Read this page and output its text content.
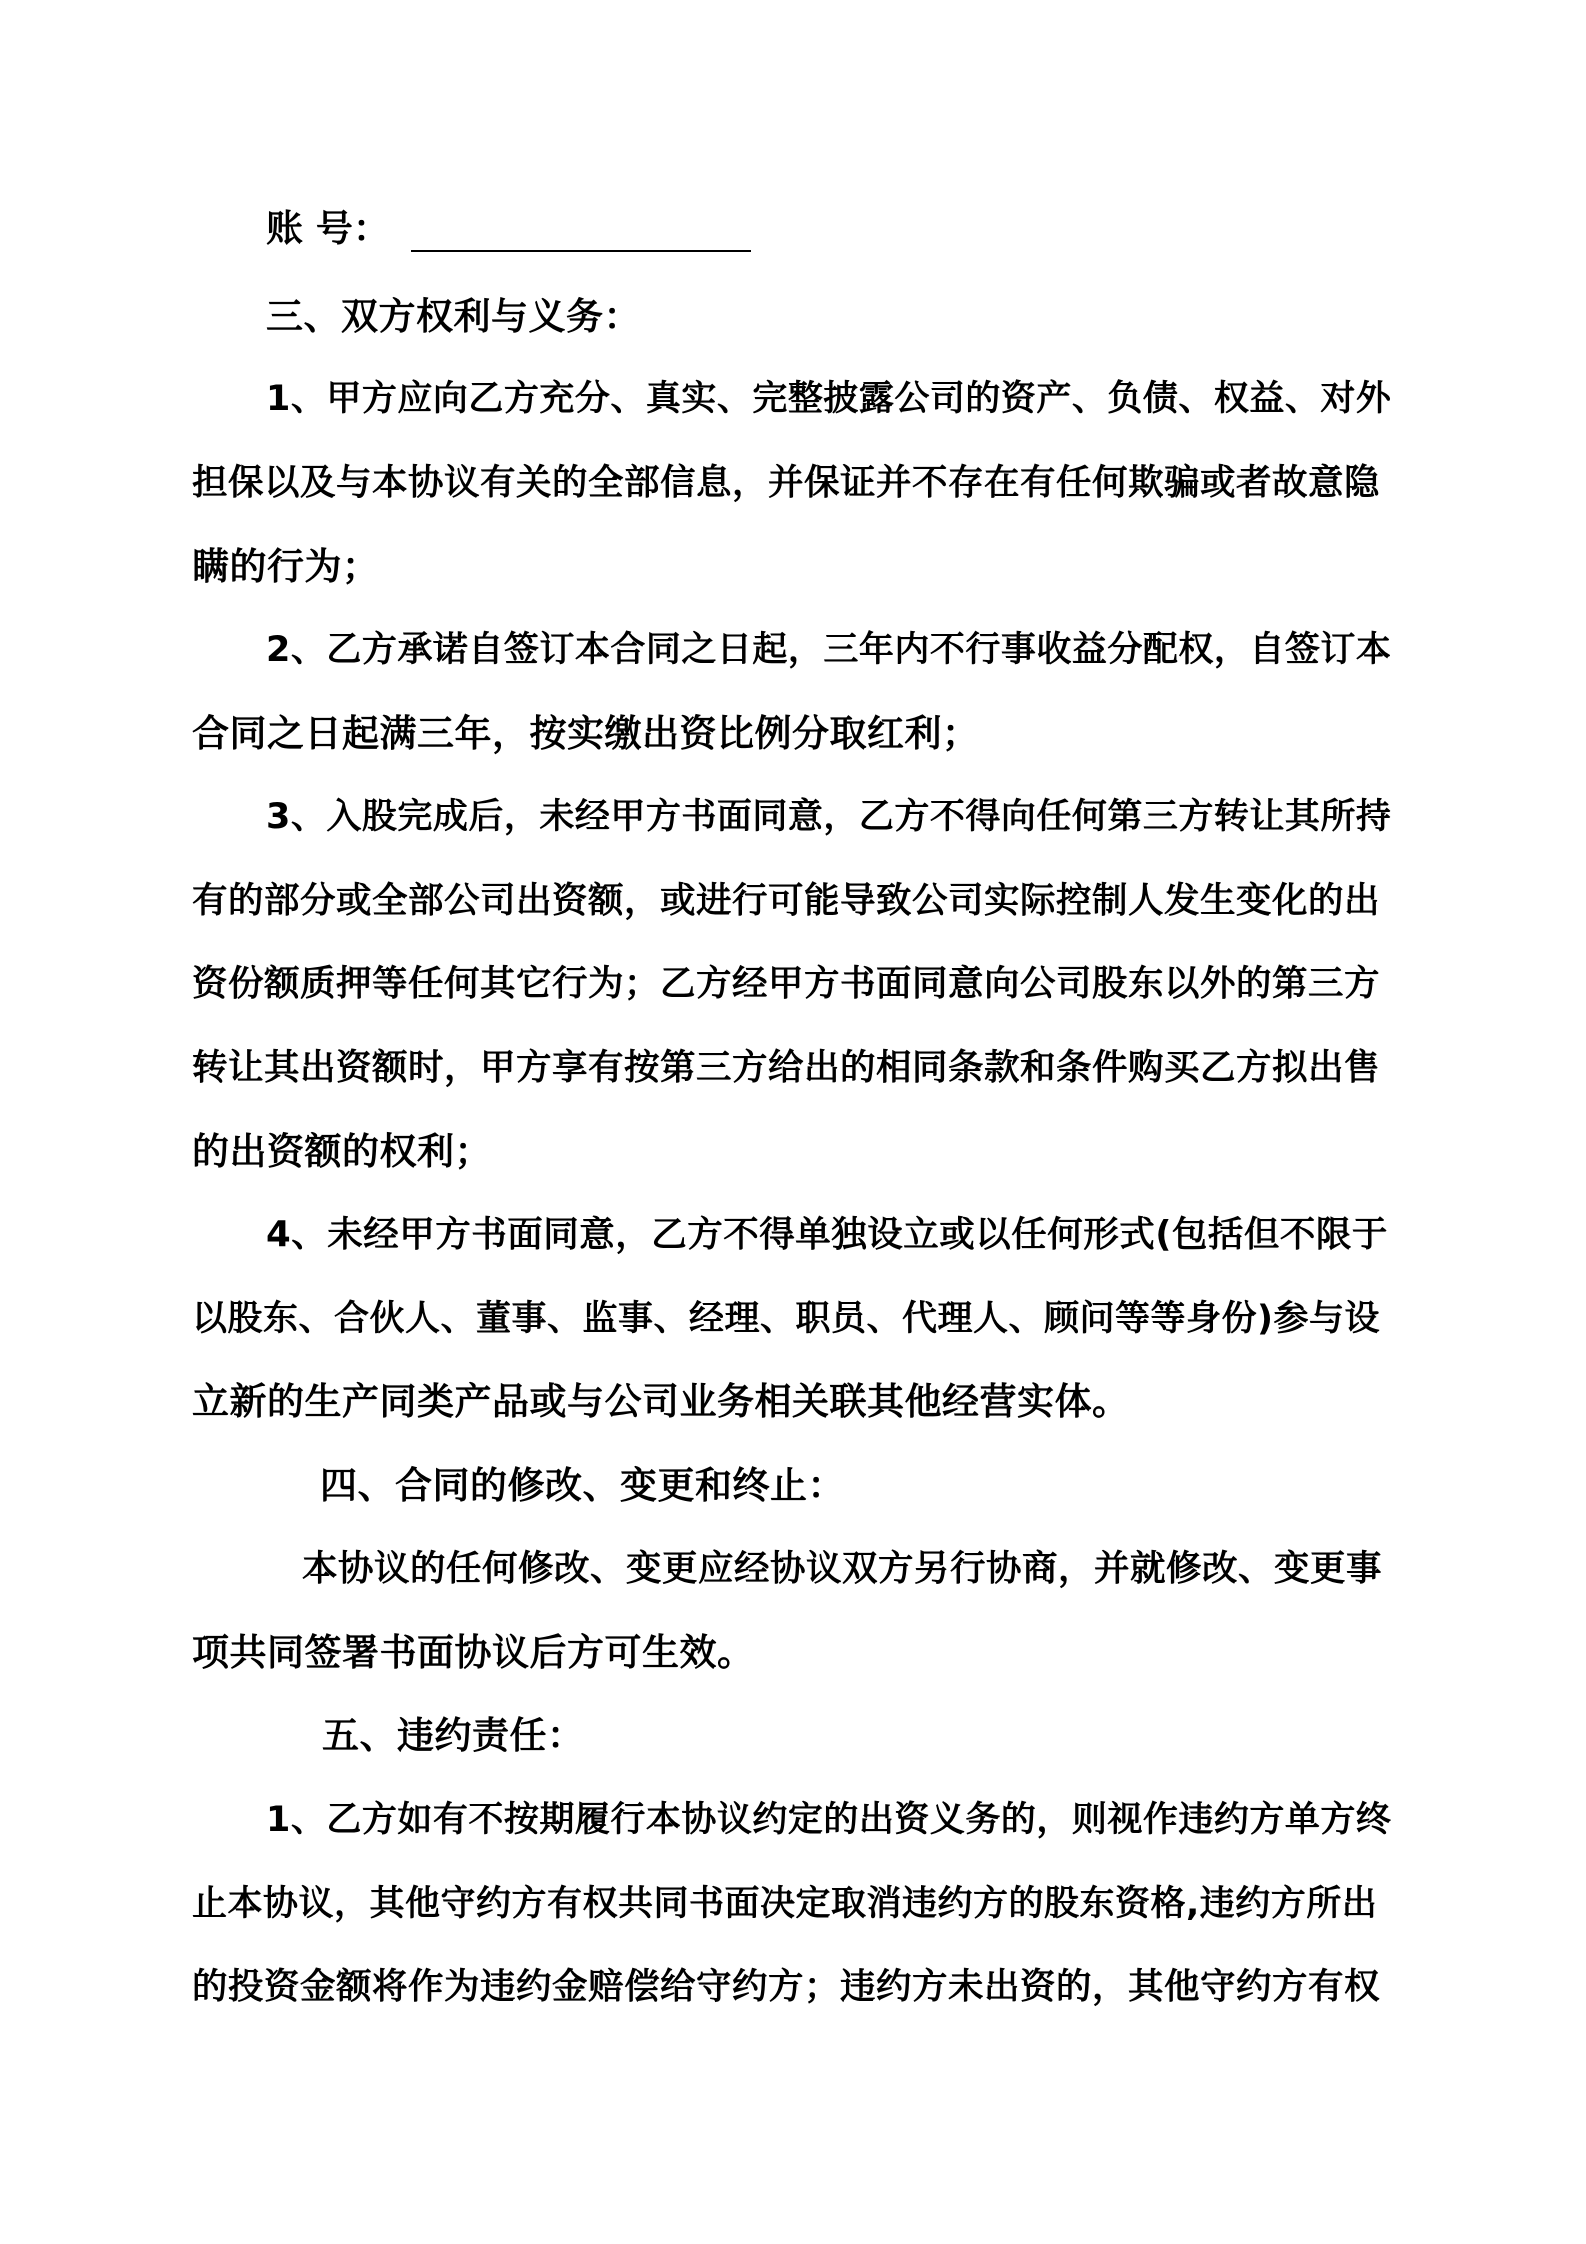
账 号：
三、双方权利与义务：
1、甲方应向乙方充分、真实、完整披露公司的资产、负债、权益、对外
担保以及与本协议有关的全部信息，并保证并不存在有任何欺骗或者故意隐
瞒的行为；
2、乙方承诺自签订本合同之日起，三年内不行事收益分配权，自签订本
合同之日起满三年，按实缴出资比例分取红利；
3、入股完成后，未经甲方书面同意，乙方不得向任何第三方转让其所持
有的部分或全部公司出资额，或进行可能导致公司实际控制人发生变化的出
资份额质押等任何其它行为；乙方经甲方书面同意向公司股东以外的第三方
转让其出资额时，甲方享有按第三方给出的相同条款和条件购买乙方拟出售
的出资额的权利；
4、未经甲方书面同意，乙方不得单独设立或以任何形式(包括但不限于
以股东、合伙人、董事、监事、经理、职员、代理人、顾问等等身份)参与设
立新的生产同类产品或与公司业务相关联其他经营实体。
四、合同的修改、变更和终止：
本协议的任何修改、变更应经协议双方另行协商，并就修改、变更事
项共同签署书面协议后方可生效。
五、违约责任：
1、乙方如有不按期履行本协议约定的出资义务的，则视作违约方单方终
止本协议，其他守约方有权共同书面决定取消违约方的股东资格,违约方所出
的投资金额将作为违约金赔偿给守约方；违约方未出资的，其他守约方有权
